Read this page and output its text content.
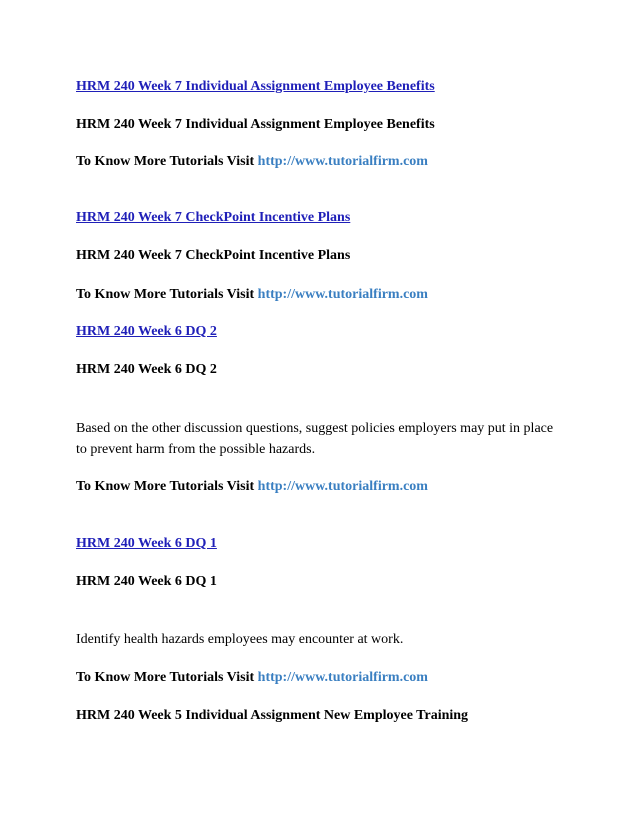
HRM 240 Week 7 Individual Assignment Employee Benefits
HRM 240 Week 7 Individual Assignment Employee Benefits
To Know More Tutorials Visit http://www.tutorialfirm.com
HRM 240 Week 7 CheckPoint Incentive Plans
HRM 240 Week 7 CheckPoint Incentive Plans
To Know More Tutorials Visit http://www.tutorialfirm.com
HRM 240 Week 6 DQ 2
HRM 240 Week 6 DQ 2
Based on the other discussion questions, suggest policies employers may put in place to prevent harm from the possible hazards.
To Know More Tutorials Visit http://www.tutorialfirm.com
HRM 240 Week 6 DQ 1
HRM 240 Week 6 DQ 1
Identify health hazards employees may encounter at work.
To Know More Tutorials Visit http://www.tutorialfirm.com
HRM 240 Week 5 Individual Assignment New Employee Training
